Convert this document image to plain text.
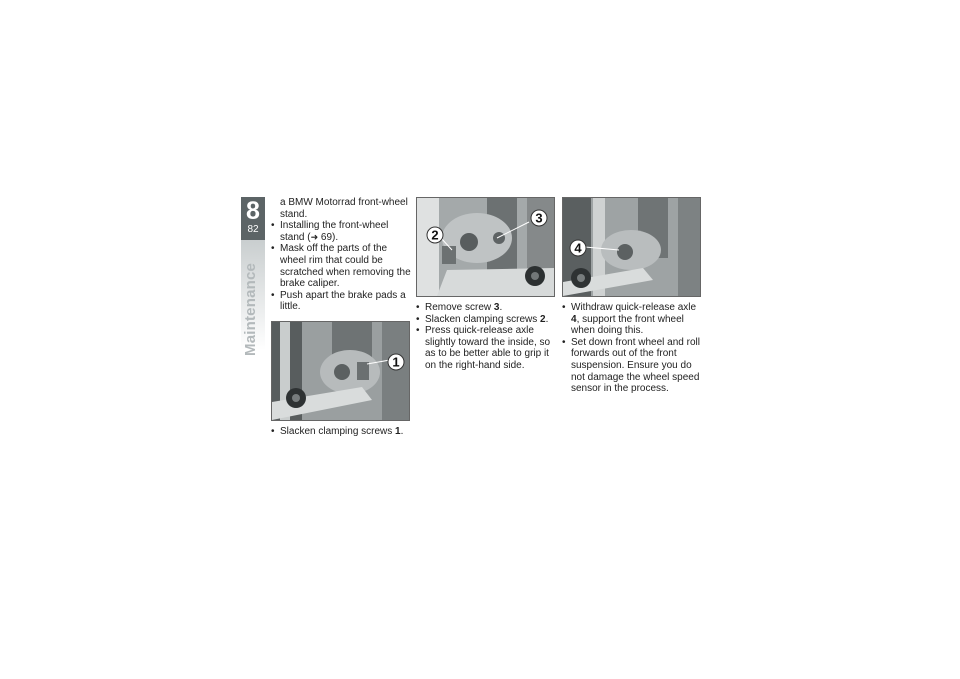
8
82
Maintenance
a BMW Motorrad front-wheel stand.
• Installing the front-wheel stand (➜ 69).
• Mask off the parts of the wheel rim that could be scratched when removing the brake caliper.
• Push apart the brake pads a little.
1
• Slacken clamping screws 1.
2
3
• Remove screw 3.
• Slacken clamping screws 2.
• Press quick-release axle slightly toward the inside, so as to be better able to grip it on the right-hand side.
4
• Withdraw quick-release axle 4, support the front wheel when doing this.
• Set down front wheel and roll forwards out of the front suspension. Ensure you do not damage the wheel speed sensor in the process.
